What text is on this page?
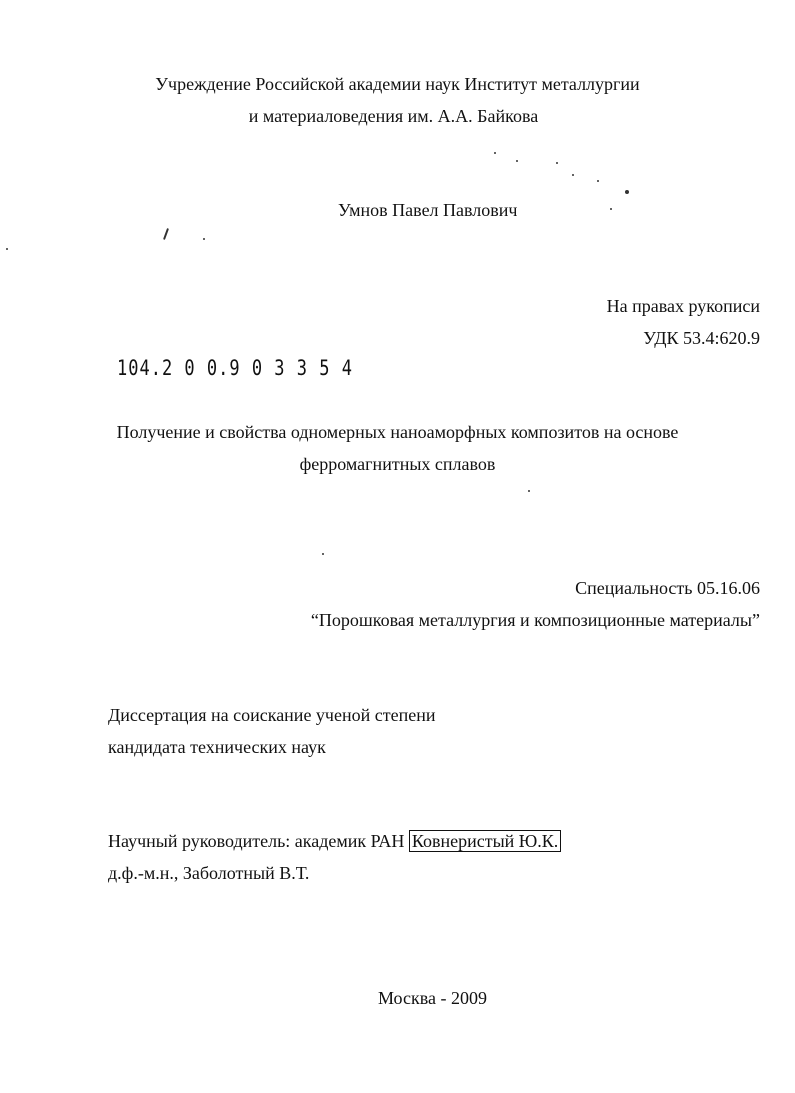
Учреждение Российской академии наук Институт металлургии
и материаловедения им. А.А. Байкова
Умнов Павел Павлович
На правах рукописи
УДК 53.4:620.9
104.2 0 0.9 0 3 3 5 4
Получение и свойства одномерных наноаморфных композитов на основе
ферромагнитных сплавов
Специальность 05.16.06
“Порошковая металлургия и композиционные материалы”
Диссертация на соискание ученой степени
кандидата технических наук
Научный руководитель: академик РАН Ковнеристый Ю.К.
д.ф.-м.н., Заболотный В.Т.
Москва - 2009
